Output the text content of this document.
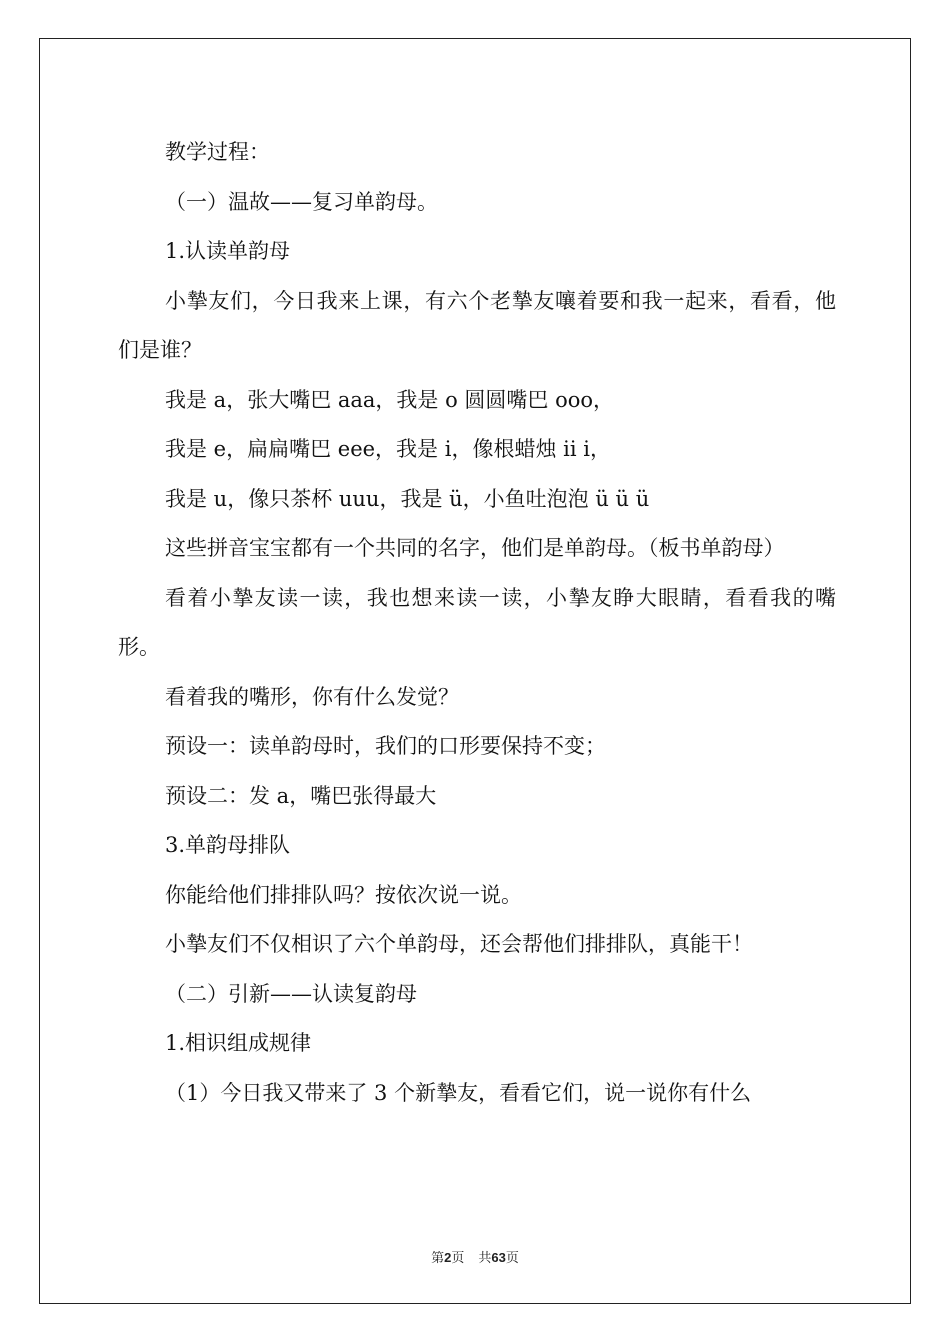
教学过程：

（一）温故——复习单韵母。

1.认读单韵母

小摯友们，今日我来上课，有六个老摯友嚷着要和我一起来，看看，他们是谁？

我是 a，张大嘴巴 aaa，我是 o 圆圆嘴巴 ooo，

我是 e，扁扁嘴巴 eee，我是 i，像根蜡烛 ii i，

我是 u，像只茶杯 uuu，我是 ü，小鱼吐泡泡 ü ü ü

这些拼音宝宝都有一个共同的名字，他们是单韵母。（板书单韵母）

看着小摯友读一读，我也想来读一读，小摯友睁大眼睛，看看我的嘴形。

看着我的嘴形，你有什么发觉？

预设一：读单韵母时，我们的口形要保持不变；

预设二：发 a，嘴巴张得最大

3.单韵母排队

你能给他们排排队吗？按依次说一说。

小摯友们不仅相识了六个单韵母，还会帮他们排排队，真能干！

（二）引新——认读复韵母

1.相识组成规律

（1）今日我又带来了 3 个新摯友，看看它们，说一说你有什么

第2页 共63页
